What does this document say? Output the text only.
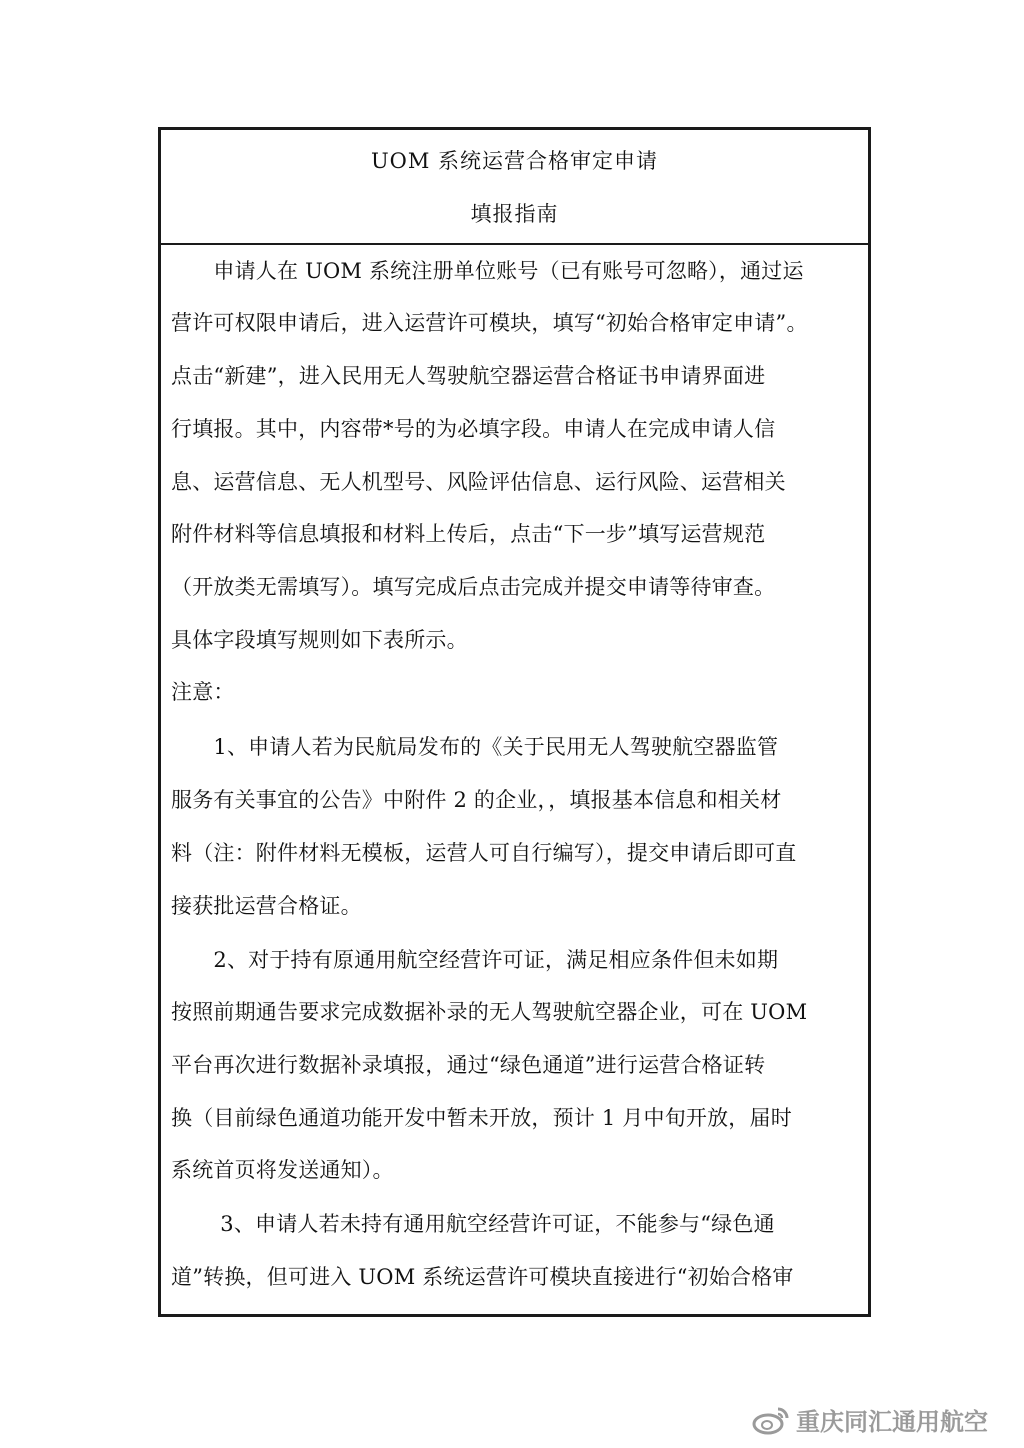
UOM 系统运营合格审定申请
填报指南
　　申请人在 UOM 系统注册单位账号（已有账号可忽略），通过运
营许可权限申请后，进入运营许可模块，填写“初始合格审定申请”。
点击“新建”，进入民用无人驾驶航空器运营合格证书申请界面进
行填报。其中，内容带*号的为必填字段。申请人在完成申请人信
息、运营信息、无人机型号、风险评估信息、运行风险、运营相关
附件材料等信息填报和材料上传后，点击“下一步”填写运营规范
（开放类无需填写）。填写完成后点击完成并提交申请等待审查。
具体字段填写规则如下表所示。
注意：
　　1、申请人若为民航局发布的《关于民用无人驾驶航空器监管
服务有关事宜的公告》中附件 2 的企业，，填报基本信息和相关材
料（注：附件材料无模板，运营人可自行编写），提交申请后即可直
接获批运营合格证。
　　2、对于持有原通用航空经营许可证，满足相应条件但未如期
按照前期通告要求完成数据补录的无人驾驶航空器企业，可在 UOM
平台再次进行数据补录填报，通过“绿色通道”进行运营合格证转
换（目前绿色通道功能开发中暂未开放，预计 1 月中旬开放，届时
系统首页将发送通知）。
　　 3、申请人若未持有通用航空经营许可证，不能参与“绿色通
道”转换，但可进入 UOM 系统运营许可模块直接进行“初始合格审
重庆同汇通用航空
